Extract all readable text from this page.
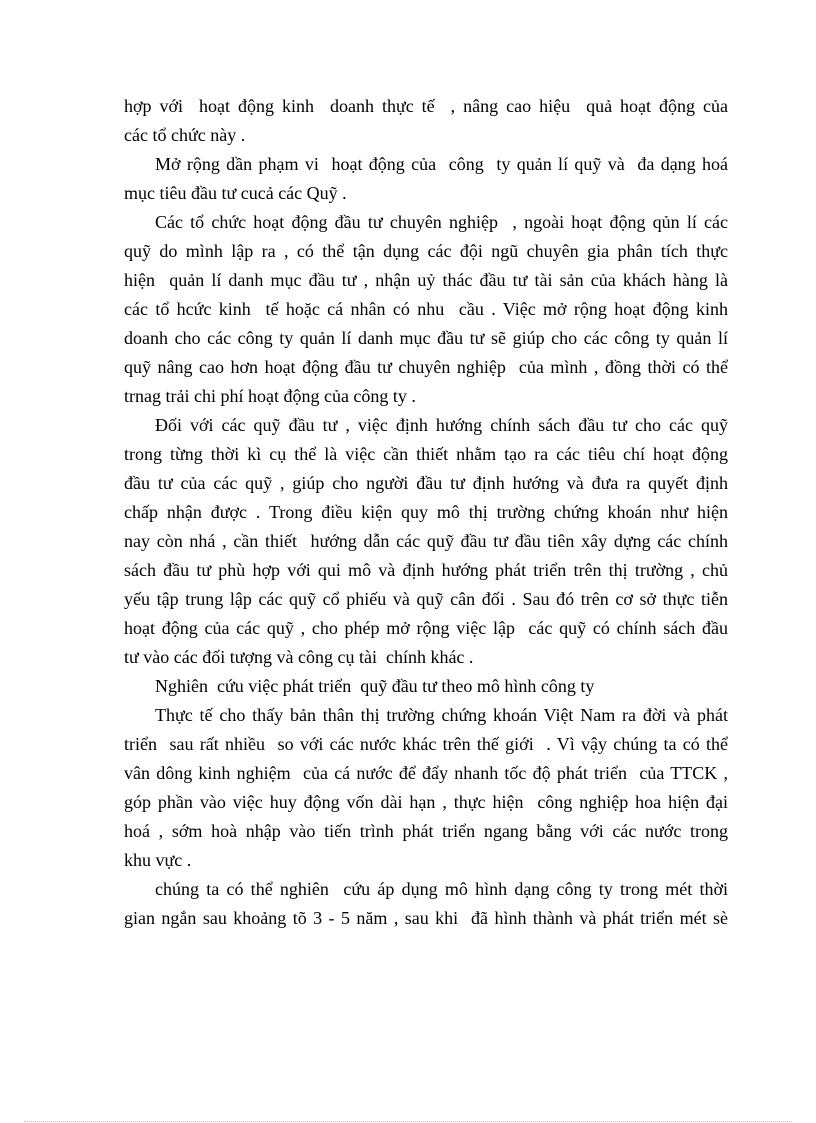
hợp với  hoạt động kinh  doanh thực tế  , nâng cao hiệu  quả hoạt động của
các tổ chức này .
Mở rộng dần phạm vi  hoạt động của  công  ty quản lí quỹ và  đa dạng hoá
mục tiêu đầu tư cucả các Quỹ .
Các tổ chức hoạt động đầu tư chuyên nghiệp  , ngoài hoạt động qủn lí các
quỹ do mình lập ra , có thể tận dụng các đội ngũ chuyên gia phân tích thực
hiện  quản lí danh mục đầu tư , nhận uỷ thác đầu tư tài sản của khách hàng là
các tổ hcức kinh  tế hoặc cá nhân có nhu  cầu . Việc mở rộng hoạt động kinh
doanh cho các công ty quản lí danh mục đầu tư sẽ giúp cho các công ty quản lí
quỹ nâng cao hơn hoạt động đầu tư chuyên nghiệp  của mình , đồng thời có thể
trnag trải chi phí hoạt động của công ty .
Đối với các quỹ đầu tư , việc định hướng chính sách đầu tư cho các quỹ
trong từng thời kì cụ thể là việc cần thiết nhằm tạo ra các tiêu chí hoạt động
đầu tư của các quỹ , giúp cho người đầu tư định hướng và đưa ra quyết định
chấp nhận được . Trong điều kiện quy mô thị trường chứng khoán như hiện
nay còn nhá , cần thiết  hướng dẫn các quỹ đầu tư đầu tiên xây dựng các chính
sách đầu tư phù hợp với qui mô và định hướng phát triển trên thị trường , chủ
yếu tập trung lập các quỹ cổ phiếu và quỹ cân đối . Sau đó trên cơ sở thực tiễn
hoạt động của các quỹ , cho phép mở rộng việc lập  các quỹ có chính sách đầu
tư vào các đối tượng và công cụ tài  chính khác .
Nghiên  cứu việc phát triển  quỹ đầu tư theo mô hình công ty
Thực tế cho thấy bản thân thị trường chứng khoán Việt Nam ra đời và phát
triển  sau rất nhiều  so với các nước khác trên thế giới  . Vì vậy chúng ta có thể
vân dông kinh nghiệm  của cá nước để đẩy nhanh tốc độ phát triển  của TTCK ,
góp phần vào việc huy động vốn dài hạn , thực hiện  công nghiệp hoa hiện đại
hoá , sớm hoà nhập vào tiến trình phát triển ngang bằng với các nước trong
khu vực .
chúng ta có thể nghiên  cứu áp dụng mô hình dạng công ty trong mét thời
gian ngắn sau khoảng tõ 3 - 5 năm , sau khi  đã hình thành và phát triển mét sè
